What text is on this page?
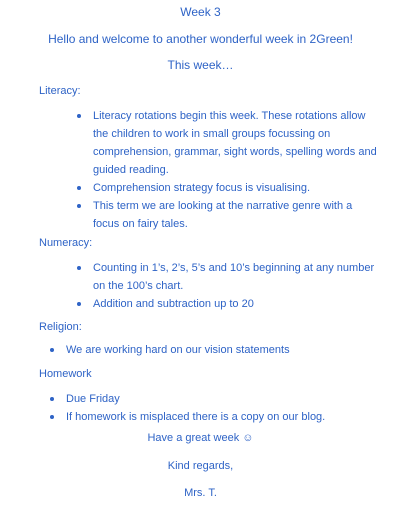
Week 3
Hello and welcome to another wonderful week in 2Green!
This week…
Literacy:
Literacy rotations begin this week. These rotations allow the children to work in small groups focussing on comprehension, grammar, sight words, spelling words and guided reading.
Comprehension strategy focus is visualising.
This term we are looking at the narrative genre with a focus on fairy tales.
Numeracy:
Counting in 1’s, 2’s, 5’s and 10’s beginning at any number on the 100’s chart.
Addition and subtraction up to 20
Religion:
We are working hard on our vision statements
Homework
Due Friday
If homework is misplaced there is a copy on our blog.
Have a great week ☺
Kind regards,
Mrs. T.
